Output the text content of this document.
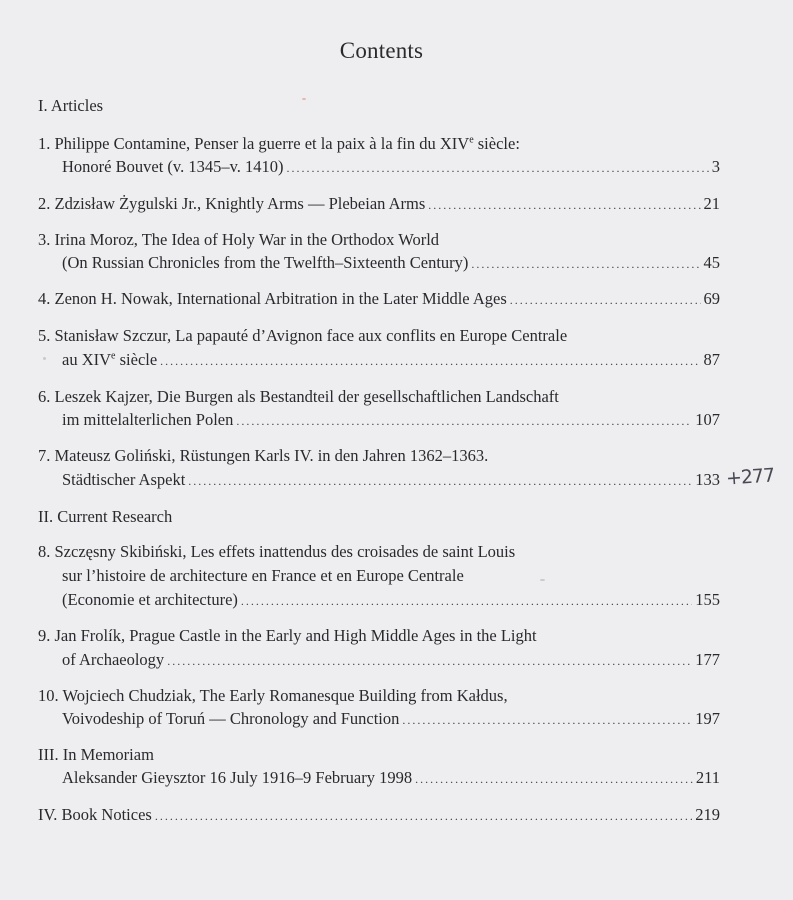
Contents
I. Articles
1. Philippe Contamine, Penser la guerre et la paix à la fin du XIVe siècle:
Honoré Bouvet (v. 1345–v. 1410) .....	3
2. Zdzisław Żygulski Jr., Knightly Arms — Plebeian Arms .....	21
3. Irina Moroz, The Idea of Holy War in the Orthodox World
(On Russian Chronicles from the Twelfth–Sixteenth Century) .....	45
4. Zenon H. Nowak, International Arbitration in the Later Middle Ages .....	69
5. Stanisław Szczur, La papauté d’Avignon face aux conflits en Europe Centrale
au XIVe siècle .....	87
6. Leszek Kajzer, Die Burgen als Bestandteil der gesellschaftlichen Landschaft
im mittelalterlichen Polen .....	107
7. Mateusz Goliński, Rüstungen Karls IV. in den Jahren 1362–1363.
Städtischer Aspekt .....	133 +277
II. Current Research
8. Szczęsny Skibiński, Les effets inattendus des croisades de saint Louis
sur l’histoire de architecture en France et en Europe Centrale
(Economie et architecture) .....	155
9. Jan Frolík, Prague Castle in the Early and High Middle Ages in the Light
of Archaeology .....	177
10. Wojciech Chudziak, The Early Romanesque Building from Kałdus,
Voivodeship of Toruń — Chronology and Function .....	197
III. In Memoriam
Aleksander Gieysztor 16 July 1916–9 February 1998 .....	211
IV. Book Notices .....	219
